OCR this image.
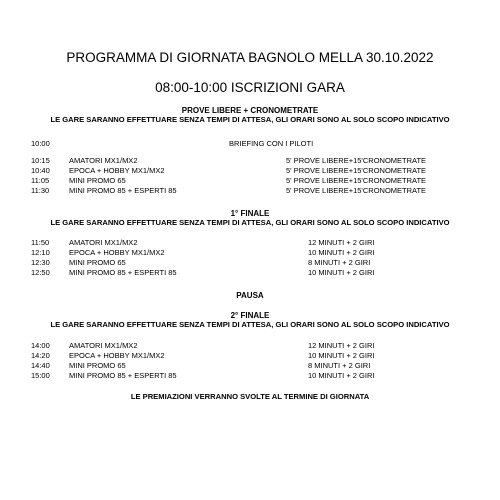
PROGRAMMA DI GIORNATA BAGNOLO MELLA 30.10.2022
08:00-10:00 ISCRIZIONI GARA
PROVE LIBERE + CRONOMETRATE
LE GARE SARANNO EFFETTUARE SENZA TEMPI DI ATTESA, GLI ORARI SONO AL SOLO SCOPO INDICATIVO
10:00	BRIEFING CON I PILOTI
10:15	AMATORI MX1/MX2	5' PROVE LIBERE+15'CRONOMETRATE
10:40	EPOCA + HOBBY MX1/MX2	5' PROVE LIBERE+15'CRONOMETRATE
11:05	MINI PROMO 65	5' PROVE LIBERE+15'CRONOMETRATE
11:30	MINI PROMO 85 + ESPERTI 85	5' PROVE LIBERE+15'CRONOMETRATE
1° FINALE
LE GARE SARANNO EFFETTUARE SENZA TEMPI DI ATTESA, GLI ORARI SONO AL SOLO SCOPO INDICATIVO
11:50	AMATORI MX1/MX2	12 MINUTI + 2 GIRI
12:10	EPOCA + HOBBY MX1/MX2	10 MINUTI + 2 GIRI
12:30	MINI PROMO 65	8 MINUTI + 2 GIRI
12:50	MINI PROMO 85 + ESPERTI 85	10 MINUTI + 2 GIRI
PAUSA
2° FINALE
LE GARE SARANNO EFFETTUARE SENZA TEMPI DI ATTESA, GLI ORARI SONO AL SOLO SCOPO INDICATIVO
14:00	AMATORI MX1/MX2	12 MINUTI + 2 GIRI
14:20	EPOCA + HOBBY MX1/MX2	10 MINUTI + 2 GIRI
14:40	MINI PROMO 65	8 MINUTI + 2 GIRI
15:00	MINI PROMO 85 + ESPERTI 85	10 MINUTI + 2 GIRI
LE PREMIAZIONI VERRANNO SVOLTE AL TERMINE DI GIORNATA
